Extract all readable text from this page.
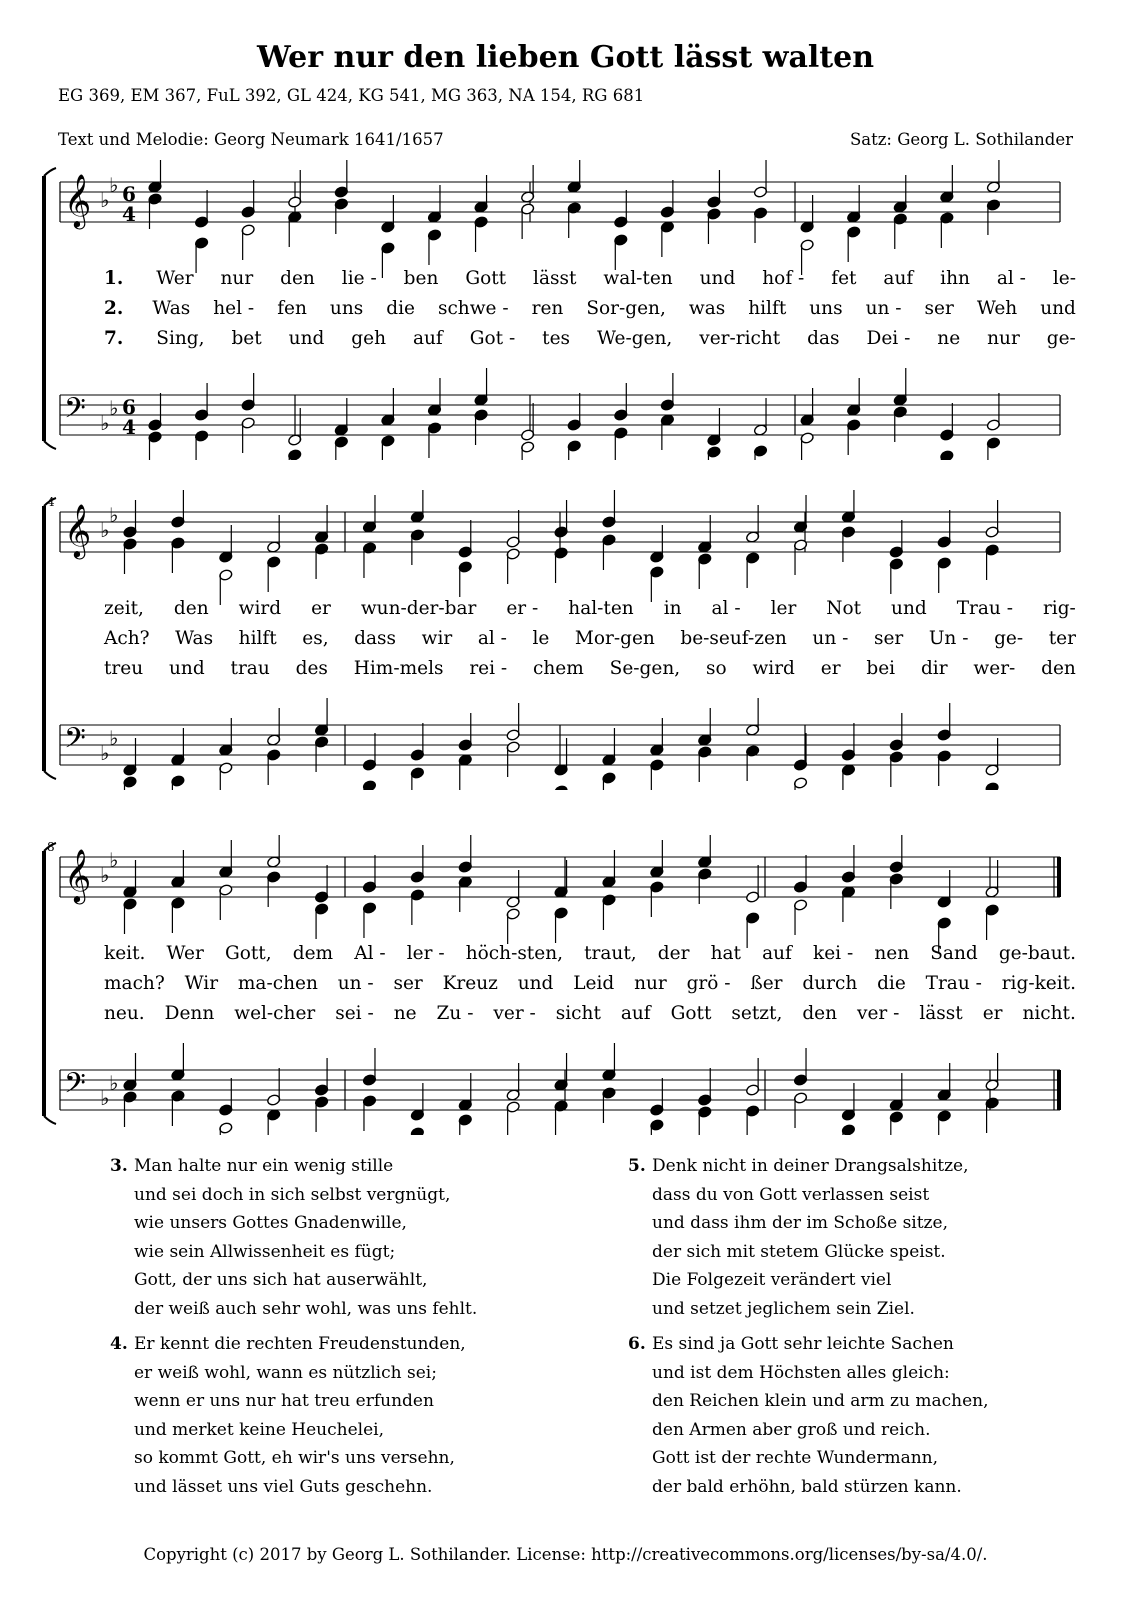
Wer nur den lieben Gott lässt walten
EG 369, EM 367, FuL 392, GL 424, KG 541, MG 363, NA 154, RG 681
Text und Melodie: Georg Neumark 1641/1657	Satz: Georg L. Sothilander
𝄞 ♭
♭ 6
4
𝄢 ♭
♭ 6
4
1. Wer nur den lie - ben Gott lässt wal-ten und hof - fet auf ihn al - le-
2. Was hel - fen uns die schwe - ren Sor-gen, was hilft uns un - ser Weh und
7. Sing, bet und geh auf Got - tes We-gen, ver-richt das Dei - ne nur ge-
𝄞 ♭
♭
𝄢 ♭
♭
zeit, den wird er wun-der-bar er - hal-ten in al - ler Not und Trau - rig-
Ach? Was hilft es, dass wir al - le Mor-gen be-seuf-zen un - ser Un - ge- ter
treu und trau des Him-mels rei - chem Se-gen, so wird er bei dir wer- den
𝄞 ♭
♭
𝄢 ♭
♭
keit. Wer Gott, dem Al - ler - höch-sten, traut, der hat auf kei - nen Sand ge-baut.
mach? Wir ma-chen un - ser Kreuz und Leid nur grö - ßer durch die Trau - rig-keit.
neu. Denn wel-cher sei - ne Zu - ver - sicht auf Gott setzt, den ver - lässt er nicht.
4
8
3. Man halte nur ein wenig stille
und sei doch in sich selbst vergnügt,
wie unsers Gottes Gnadenwille,
wie sein Allwissenheit es fügt;
Gott, der uns sich hat auserwählt,
der weiß auch sehr wohl, was uns fehlt.
4. Er kennt die rechten Freudenstunden,
er weiß wohl, wann es nützlich sei;
wenn er uns nur hat treu erfunden
und merket keine Heuchelei,
so kommt Gott, eh wir's uns versehn,
und lässet uns viel Guts geschehn.
5. Denk nicht in deiner Drangsalshitze,
dass du von Gott verlassen seist
und dass ihm der im Schoße sitze,
der sich mit stetem Glücke speist.
Die Folgezeit verändert viel
und setzet jeglichem sein Ziel.
6. Es sind ja Gott sehr leichte Sachen
und ist dem Höchsten alles gleich:
den Reichen klein und arm zu machen,
den Armen aber groß und reich.
Gott ist der rechte Wundermann,
der bald erhöhn, bald stürzen kann.
Copyright (c) 2017 by Georg L. Sothilander. License: http://creativecommons.org/licenses/by-sa/4.0/.
